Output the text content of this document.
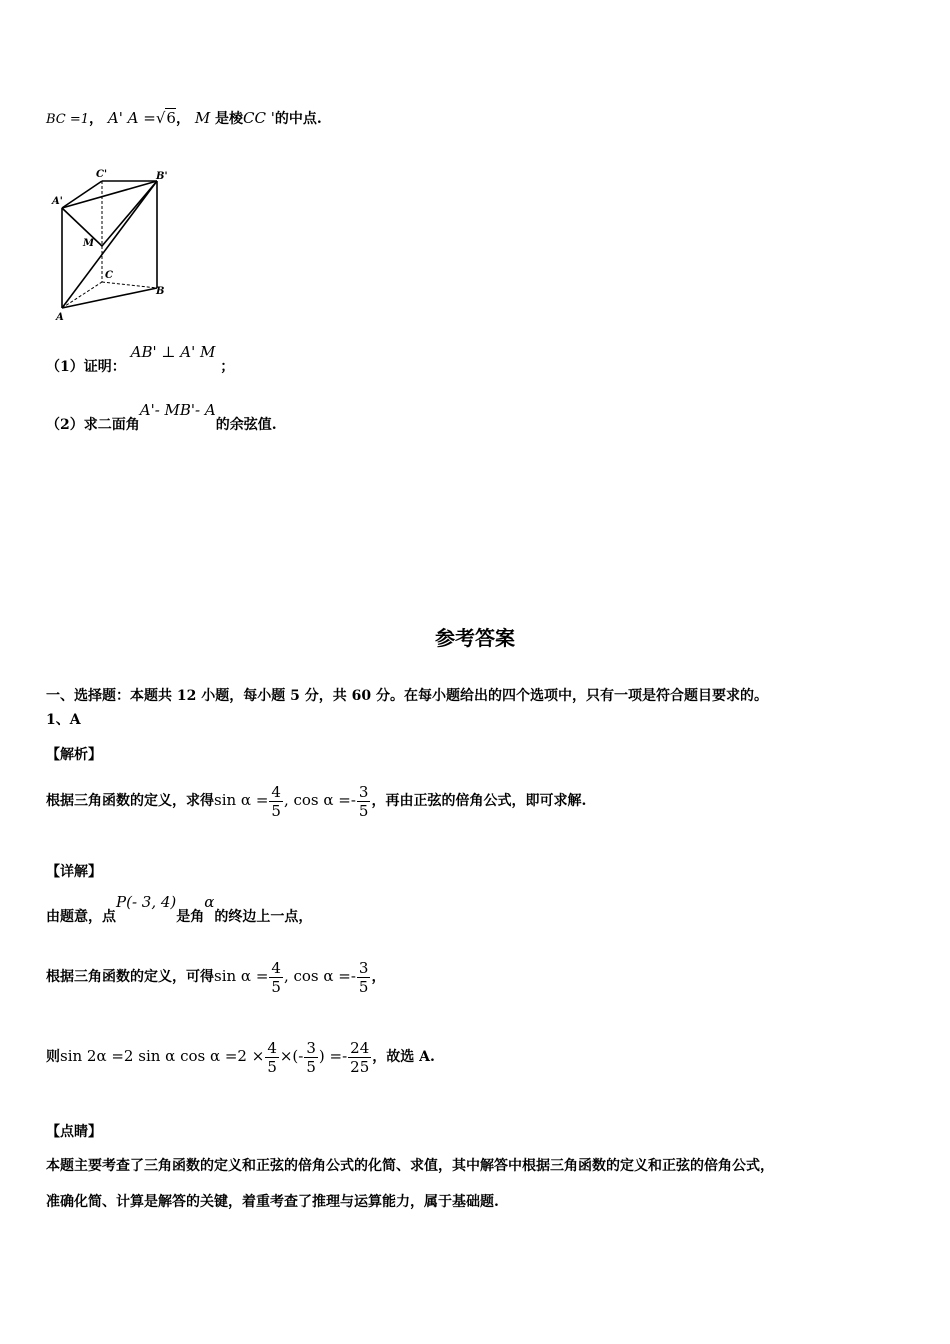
BC =1， A' A =√6， M 是棱CC '的中点.
C'	B'
A'
M
C
B
A
（1）证明： AB' ⊥ A' M ；
（2）求二面角A'- MB'- A的余弦值.
参考答案
一、选择题：本题共 12 小题，每小题 5 分，共 60 分。在每小题给出的四个选项中，只有一项是符合题目要求的。
1、A
【解析】
根据三角函数的定义，求得$\sin \alpha = \frac{4}{5}$ , $\cos \alpha =- \frac{3}{5}$ ，再由正弦的倍角公式，即可求解.
【详解】
由题意，点P(- 3, 4)是角α的终边上一点，
根据三角函数的定义，可得$\sin \alpha = \frac{4}{5}$ , $\cos \alpha =- \frac{3}{5}$ ，
则sin 2α =2 sin α $\cos \alpha =2 \times \frac{4}{5}$ ×(- $\frac{3}{5}$ ) =- $\frac{24}{25}$ ，故选 A.
【点睛】
本题主要考查了三角函数的定义和正弦的倍角公式的化简、求值，其中解答中根据三角函数的定义和正弦的倍角公式，
准确化简、计算是解答的关键，着重考查了推理与运算能力，属于基础题.
